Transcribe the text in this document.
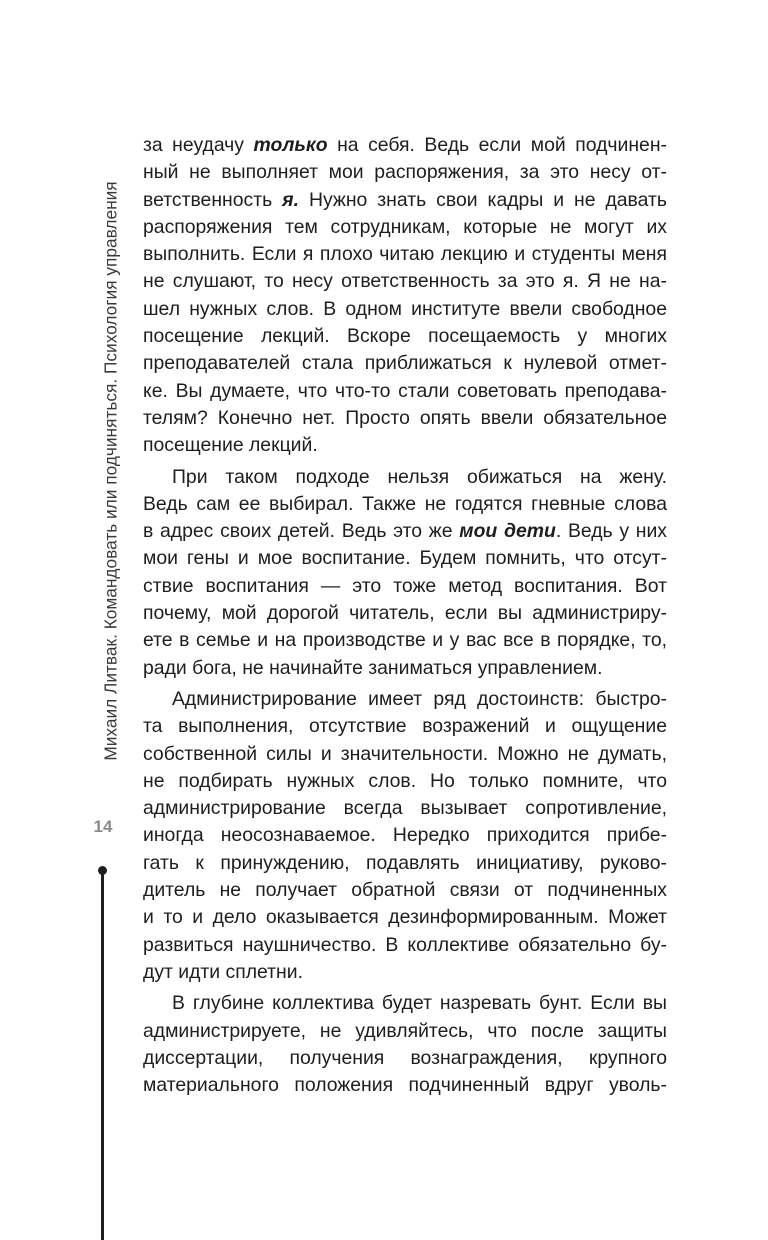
Михаил Литвак. Командовать или подчиняться. Психология управления
14
за неудачу только на себя. Ведь если мой подчинен-
ный не выполняет мои распоряжения, за это несу от-
ветственность я. Нужно знать свои кадры и не давать
распоряжения тем сотрудникам, которые не могут их
выполнить. Если я плохо читаю лекцию и студенты меня
не слушают, то несу ответственность за это я. Я не на-
шел нужных слов. В одном институте ввели свободное
посещение лекций. Вскоре посещаемость у многих
преподавателей стала приближаться к нулевой отмет-
ке. Вы думаете, что что-то стали советовать преподава-
телям? Конечно нет. Просто опять ввели обязательное
посещение лекций.
При таком подходе нельзя обижаться на жену.
Ведь сам ее выбирал. Также не годятся гневные слова
в адрес своих детей. Ведь это же мои дети. Ведь у них
мои гены и мое воспитание. Будем помнить, что отсут-
ствие воспитания — это тоже метод воспитания. Вот
почему, мой дорогой читатель, если вы администриру-
ете в семье и на производстве и у вас все в порядке, то,
ради бога, не начинайте заниматься управлением.
Администрирование имеет ряд достоинств: быстро-
та выполнения, отсутствие возражений и ощущение
собственной силы и значительности. Можно не думать,
не подбирать нужных слов. Но только помните, что
администрирование всегда вызывает сопротивление,
иногда неосознаваемое. Нередко приходится прибе-
гать к принуждению, подавлять инициативу, руково-
дитель не получает обратной связи от подчиненных
и то и дело оказывается дезинформированным. Может
развиться наушничество. В коллективе обязательно бу-
дут идти сплетни.
В глубине коллектива будет назревать бунт. Если вы
администрируете, не удивляйтесь, что после защиты
диссертации, получения вознаграждения, крупного
материального положения подчиненный вдруг уволь-
